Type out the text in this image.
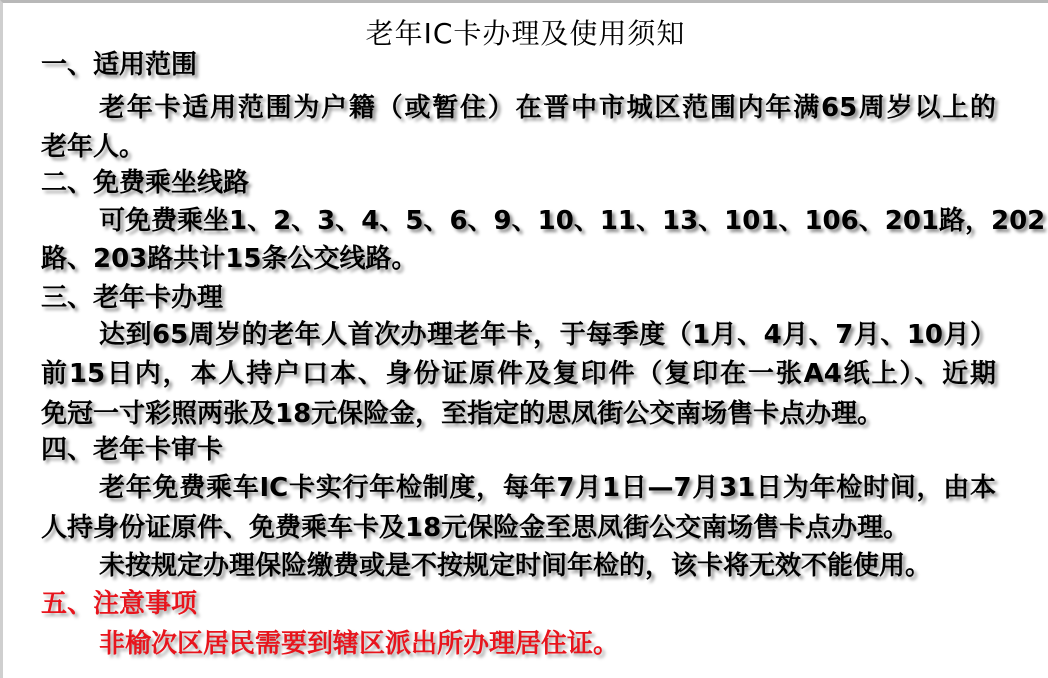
老年IC卡办理及使用须知
一、适用范围
老年卡适用范围为户籍（或暂住）在晋中市城区范围内年满65周岁以上的
老年人。
二、免费乘坐线路
可免费乘坐1、2、3、4、5、6、9、10、11、13、101、106、201路，202
路、203路共计15条公交线路。
三、老年卡办理
达到65周岁的老年人首次办理老年卡，于每季度（1月、4月、7月、10月）
前15日内，本人持户口本、身份证原件及复印件（复印在一张A4纸上）、近期
免冠一寸彩照两张及18元保险金，至指定的思凤街公交南场售卡点办理。
四、老年卡审卡
老年免费乘车IC卡实行年检制度，每年7月1日—7月31日为年检时间，由本
人持身份证原件、免费乘车卡及18元保险金至思凤街公交南场售卡点办理。
未按规定办理保险缴费或是不按规定时间年检的，该卡将无效不能使用。
五、注意事项
非榆次区居民需要到辖区派出所办理居住证。
